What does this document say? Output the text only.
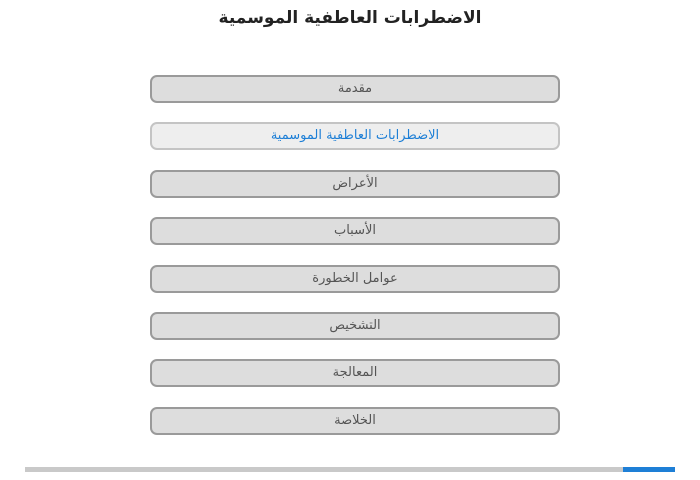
الاضطرابات العاطفية الموسمية
مقدمة
الاضطرابات العاطفية الموسمية
الأعراض
الأسباب
عوامل الخطورة
التشخيص
المعالجة
الخلاصة
